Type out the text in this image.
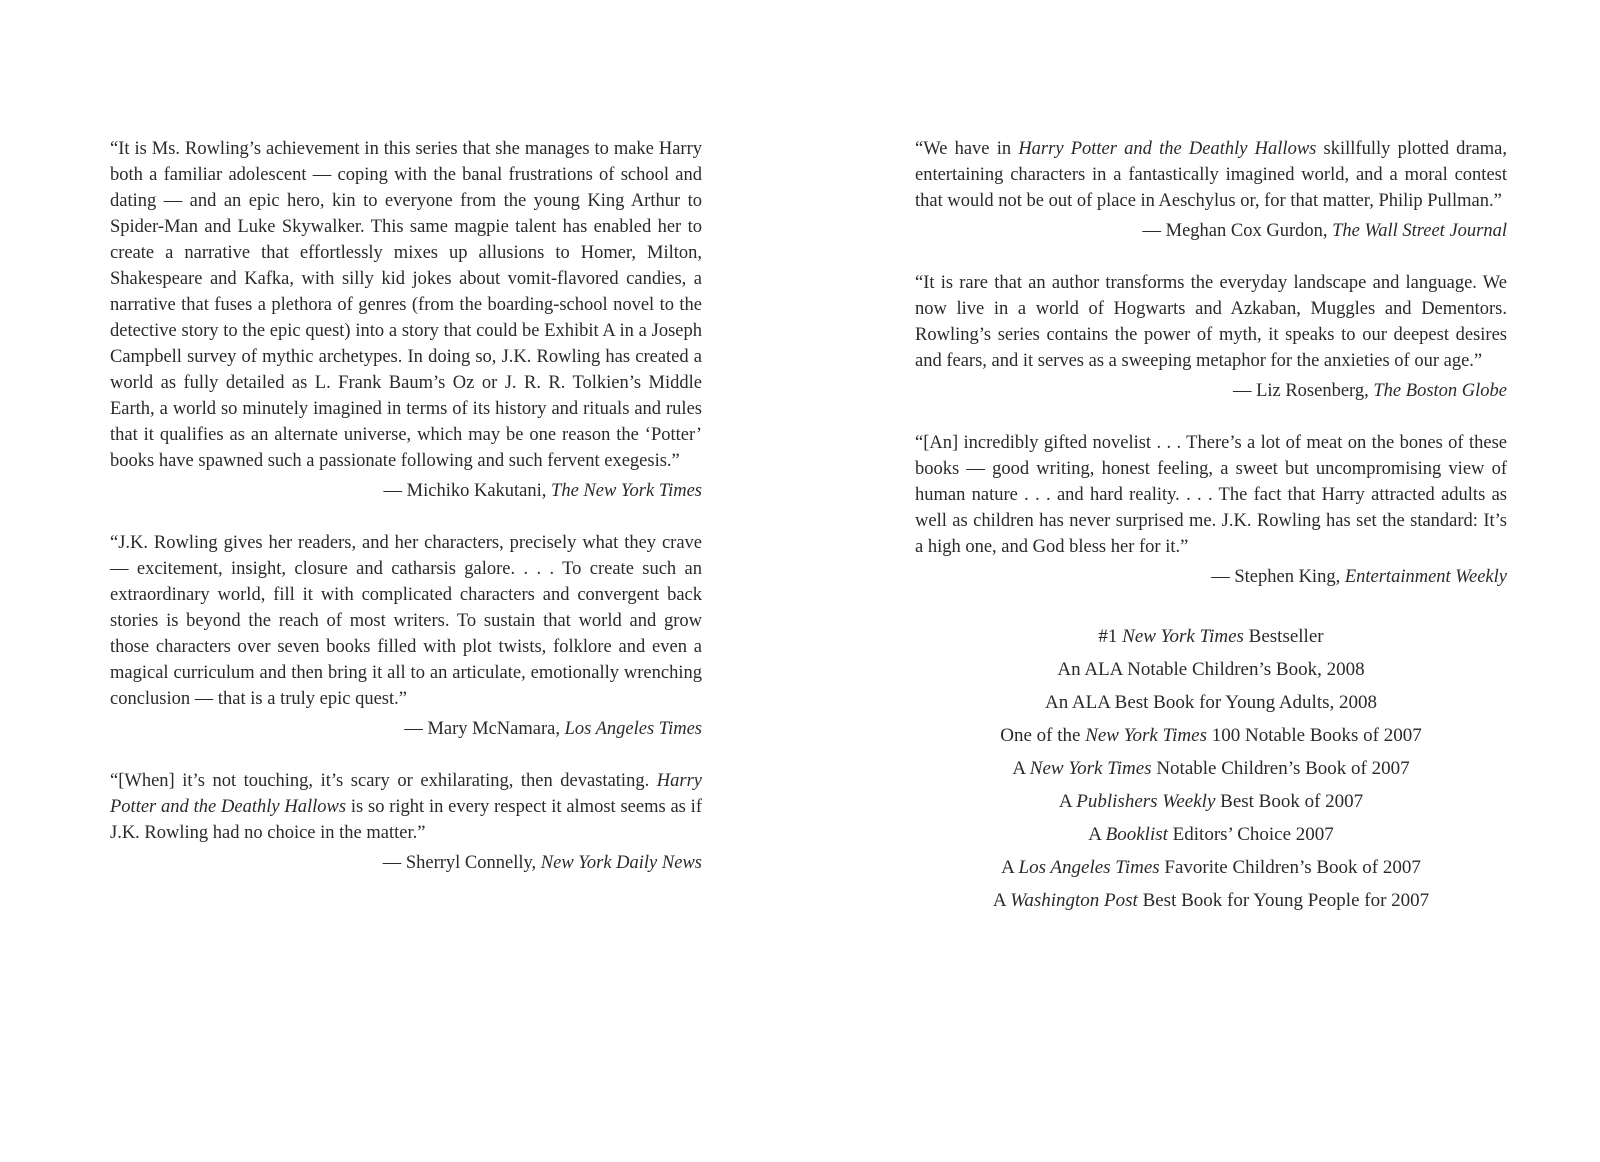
“It is Ms. Rowling’s achievement in this series that she manages to make Harry both a familiar adolescent — coping with the banal frustrations of school and dating — and an epic hero, kin to everyone from the young King Arthur to Spider-Man and Luke Skywalker. This same magpie talent has enabled her to create a narrative that effortlessly mixes up allusions to Homer, Milton, Shakespeare and Kafka, with silly kid jokes about vomit-flavored candies, a narrative that fuses a plethora of genres (from the boarding-school novel to the detective story to the epic quest) into a story that could be Exhibit A in a Joseph Campbell survey of mythic archetypes. In doing so, J.K. Rowling has created a world as fully detailed as L. Frank Baum’s Oz or J. R. R. Tolkien’s Middle Earth, a world so minutely imagined in terms of its history and rituals and rules that it qualifies as an alternate universe, which may be one reason the ‘Potter’ books have spawned such a passionate following and such fervent exegesis.”

— Michiko Kakutani, The New York Times

“J.K. Rowling gives her readers, and her characters, precisely what they crave — excitement, insight, closure and catharsis galore. . . . To create such an extraordinary world, fill it with complicated characters and convergent back stories is beyond the reach of most writers. To sustain that world and grow those characters over seven books filled with plot twists, folklore and even a magical curriculum and then bring it all to an articulate, emotionally wrenching conclusion — that is a truly epic quest.”

— Mary McNamara, Los Angeles Times

“[When] it’s not touching, it’s scary or exhilarating, then devastating. Harry Potter and the Deathly Hallows is so right in every respect it almost seems as if J.K. Rowling had no choice in the matter.”

— Sherryl Connelly, New York Daily News

“We have in Harry Potter and the Deathly Hallows skillfully plotted drama, entertaining characters in a fantastically imagined world, and a moral contest that would not be out of place in Aeschylus or, for that matter, Philip Pullman.”

— Meghan Cox Gurdon, The Wall Street Journal

“It is rare that an author transforms the everyday landscape and language. We now live in a world of Hogwarts and Azkaban, Muggles and Dementors. Rowling’s series contains the power of myth, it speaks to our deepest desires and fears, and it serves as a sweeping metaphor for the anxieties of our age.”

— Liz Rosenberg, The Boston Globe

“[An] incredibly gifted novelist . . . There’s a lot of meat on the bones of these books — good writing, honest feeling, a sweet but uncompromising view of human nature . . . and hard reality. . . . The fact that Harry attracted adults as well as children has never surprised me. J.K. Rowling has set the standard: It’s a high one, and God bless her for it.”

— Stephen King, Entertainment Weekly

#1 New York Times Bestseller
An ALA Notable Children’s Book, 2008
An ALA Best Book for Young Adults, 2008
One of the New York Times 100 Notable Books of 2007
A New York Times Notable Children’s Book of 2007
A Publishers Weekly Best Book of 2007
A Booklist Editors’ Choice 2007
A Los Angeles Times Favorite Children’s Book of 2007
A Washington Post Best Book for Young People for 2007
